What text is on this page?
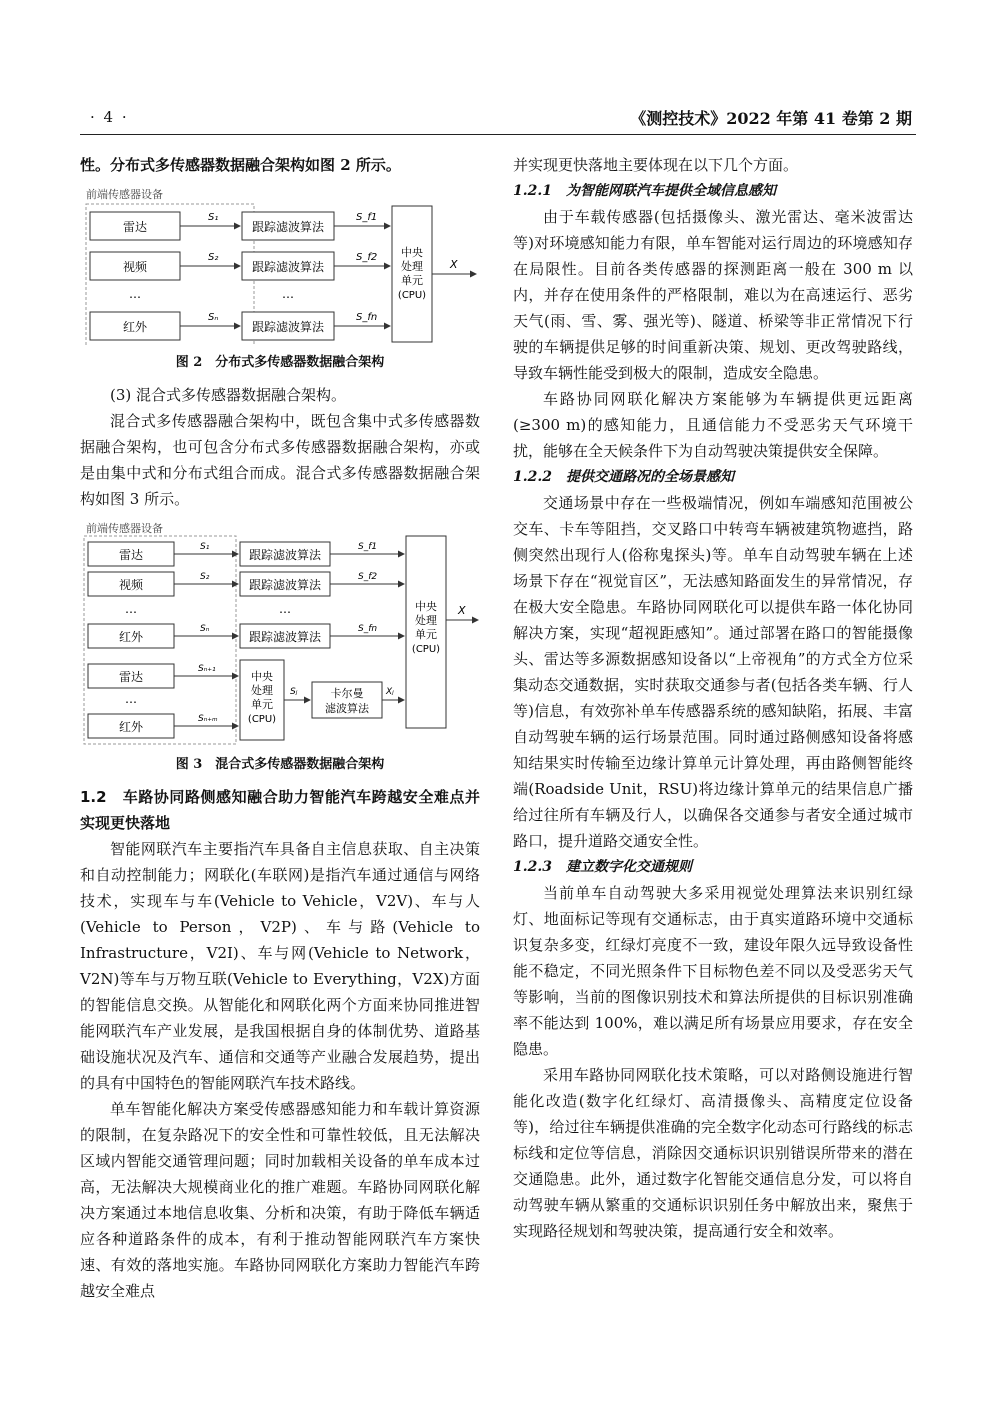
· 4 ·	《测控技术》2022 年第 41 卷第 2 期

性。分布式多传感器数据融合架构如图 2 所示。

前端传感器设备
雷达
视频
…
红外
S₁
S₂
Sₙ
跟踪滤波算法
跟踪滤波算法
…
跟踪滤波算法
S_f1
S_f2
S_fn
中央
处理
单元
(CPU)
X
图 2　分布式多传感器数据融合架构

(3) 混合式多传感器数据融合架构。

混合式多传感器融合架构中，既包含集中式多传感器数据融合架构，也可包含分布式多传感器数据融合架构，亦或是由集中式和分布式组合而成。混合式多传感器数据融合架构如图 3 所示。

前端传感器设备
雷达
视频
…
红外
雷达
…
红外
S₁
S₂
Sₙ
跟踪滤波算法
跟踪滤波算法
…
跟踪滤波算法
S_f1
S_f2
S_fn
Sₙ₊₁
Sₙ₊ₘ
中央
处理
单元
(CPU)
Sⱼ	卡尔曼
滤波算法
Xⱼ
中央
处理
单元
(CPU)
X
图 3　混合式多传感器数据融合架构

1.2　车路协同路侧感知融合助力智能汽车跨越安全难点并实现更快落地

智能网联汽车主要指汽车具备自主信息获取、自主决策和自动控制能力；网联化(车联网)是指汽车通过通信与网络技术，实现车与车(Vehicle to Vehicle，V2V)、车与人(Vehicle to Person，V2P)、车与路(Vehicle to Infrastructure，V2I)、车与网(Vehicle to Network，V2N)等车与万物互联(Vehicle to Everything，V2X)方面的智能信息交换。从智能化和网联化两个方面来协同推进智能网联汽车产业发展，是我国根据自身的体制优势、道路基础设施状况及汽车、通信和交通等产业融合发展趋势，提出的具有中国特色的智能网联汽车技术路线。

单车智能化解决方案受传感器感知能力和车载计算资源的限制，在复杂路况下的安全性和可靠性较低，且无法解决区域内智能交通管理问题；同时加载相关设备的单车成本过高，无法解决大规模商业化的推广难题。车路协同网联化解决方案通过本地信息收集、分析和决策，有助于降低车辆适应各种道路条件的成本，有利于推动智能网联汽车方案快速、有效的落地实施。车路协同网联化方案助力智能汽车跨越安全难点

并实现更快落地主要体现在以下几个方面。

1.2.1　为智能网联汽车提供全域信息感知

由于车载传感器(包括摄像头、激光雷达、毫米波雷达等)对环境感知能力有限，单车智能对运行周边的环境感知存在局限性。目前各类传感器的探测距离一般在 300 m 以内，并存在使用条件的严格限制，难以为在高速运行、恶劣天气(雨、雪、雾、强光等)、隧道、桥梁等非正常情况下行驶的车辆提供足够的时间重新决策、规划、更改驾驶路线，导致车辆性能受到极大的限制，造成安全隐患。

车路协同网联化解决方案能够为车辆提供更远距离(≥300 m)的感知能力，且通信能力不受恶劣天气环境干扰，能够在全天候条件下为自动驾驶决策提供安全保障。

1.2.2　提供交通路况的全场景感知

交通场景中存在一些极端情况，例如车端感知范围被公交车、卡车等阻挡，交叉路口中转弯车辆被建筑物遮挡，路侧突然出现行人(俗称鬼探头)等。单车自动驾驶车辆在上述场景下存在“视觉盲区”，无法感知路面发生的异常情况，存在极大安全隐患。车路协同网联化可以提供车路一体化协同解决方案，实现“超视距感知”。通过部署在路口的智能摄像头、雷达等多源数据感知设备以“上帝视角”的方式全方位采集动态交通数据，实时获取交通参与者(包括各类车辆、行人等)信息，有效弥补单车传感器系统的感知缺陷，拓展、丰富自动驾驶车辆的运行场景范围。同时通过路侧感知设备将感知结果实时传输至边缘计算单元计算处理，再由路侧智能终端(Roadside Unit，RSU)将边缘计算单元的结果信息广播给过往所有车辆及行人，以确保各交通参与者安全通过城市路口，提升道路交通安全性。

1.2.3　建立数字化交通规则

当前单车自动驾驶大多采用视觉处理算法来识别红绿灯、地面标记等现有交通标志，由于真实道路环境中交通标识复杂多变，红绿灯亮度不一致，建设年限久远导致设备性能不稳定，不同光照条件下目标物色差不同以及受恶劣天气等影响，当前的图像识别技术和算法所提供的目标识别准确率不能达到 100%，难以满足所有场景应用要求，存在安全隐患。

采用车路协同网联化技术策略，可以对路侧设施进行智能化改造(数字化红绿灯、高清摄像头、高精度定位设备等)，给过往车辆提供准确的完全数字化动态可行路线的标志标线和定位等信息，消除因交通标识识别错误所带来的潜在交通隐患。此外，通过数字化智能交通信息分发，可以将自动驾驶车辆从繁重的交通标识识别任务中解放出来，聚焦于实现路径规划和驾驶决策，提高通行安全和效率。
